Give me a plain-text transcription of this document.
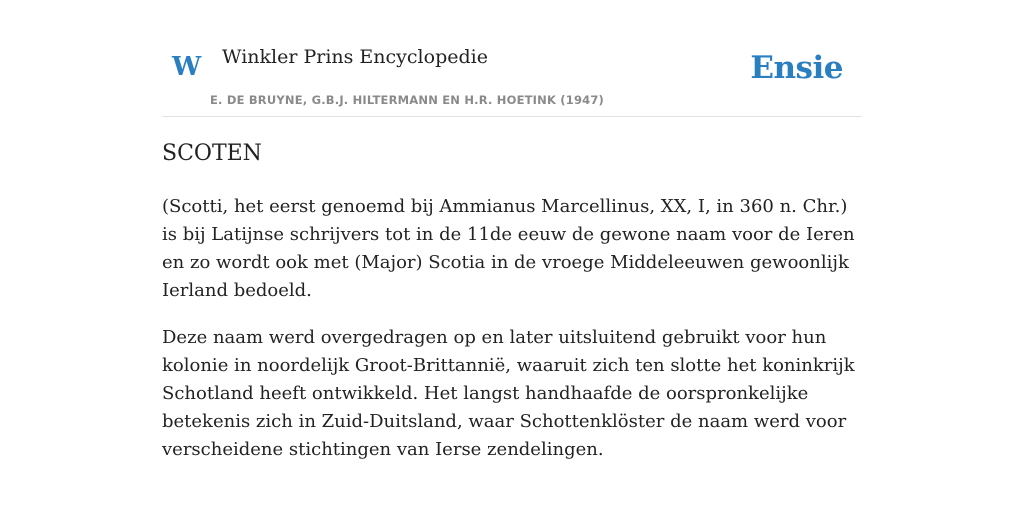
W Winkler Prins Encyclopedie	Ensie
E. DE BRUYNE, G.B.J. HILTERMANN EN H.R. HOETINK (1947)
SCOTEN

(Scotti, het eerst genoemd bij Ammianus Marcellinus, XX, I, in 360 n. Chr.) is bij Latijnse schrijvers tot in de 11de eeuw de gewone naam voor de Ieren en zo wordt ook met (Major) Scotia in de vroege Middeleeuwen gewoonlijk Ierland bedoeld.

Deze naam werd overgedragen op en later uitsluitend gebruikt voor hun kolonie in noordelijk Groot-Brittannië, waaruit zich ten slotte het koninkrijk Schotland heeft ontwikkeld. Het langst handhaafde de oorspronkelijke betekenis zich in Zuid-Duitsland, waar Schottenklöster de naam werd voor verscheidene stichtingen van Ierse zendelingen.
